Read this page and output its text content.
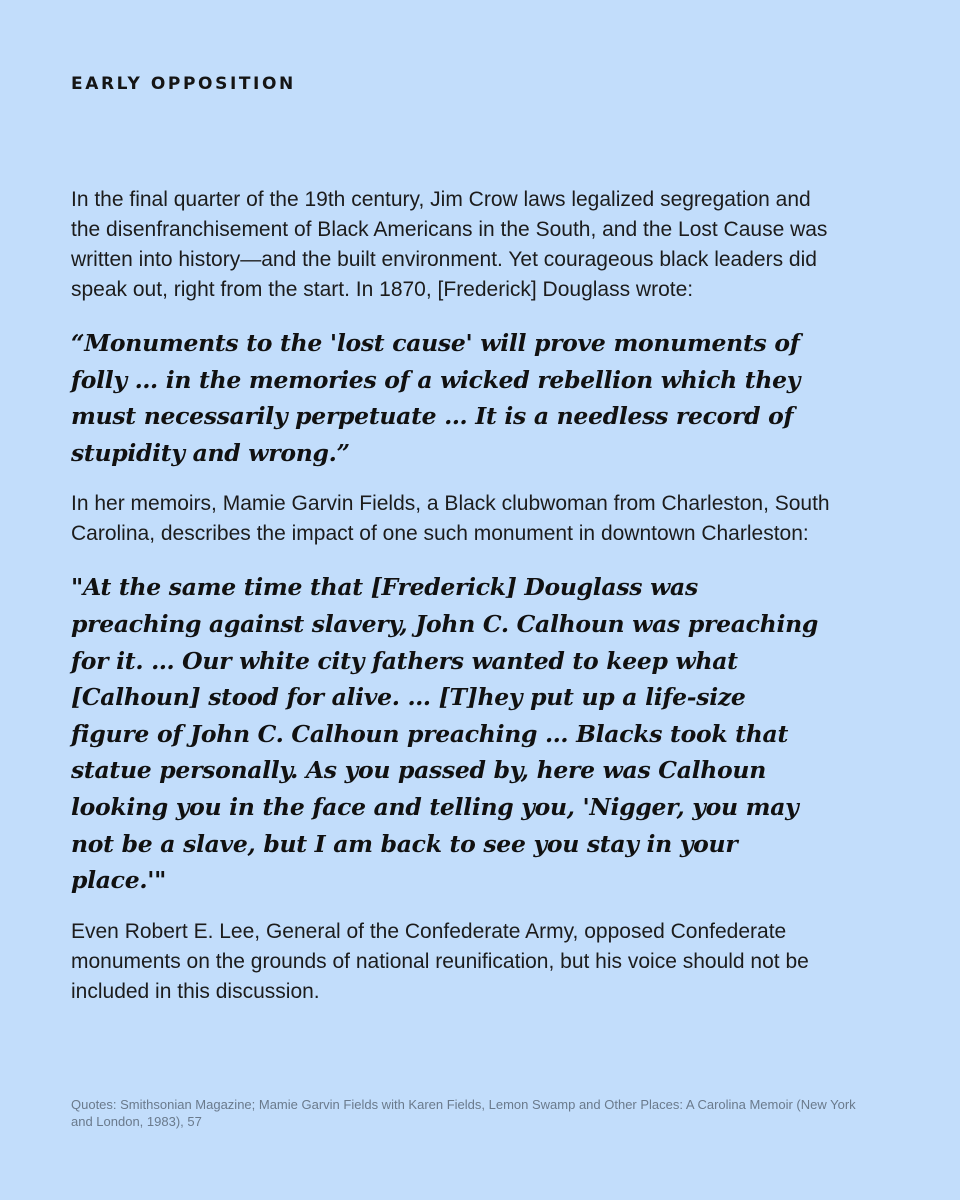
EARLY OPPOSITION

In the final quarter of the 19th century, Jim Crow laws legalized segregation and the disenfranchisement of Black Americans in the South, and the Lost Cause was written into history—and the built environment. Yet courageous black leaders did speak out, right from the start. In 1870, [Frederick] Douglass wrote:

“Monuments to the 'lost cause' will prove monuments of folly … in the memories of a wicked rebellion which they must necessarily perpetuate … It is a needless record of stupidity and wrong.”

In her memoirs, Mamie Garvin Fields, a Black clubwoman from Charleston, South Carolina, describes the impact of one such monument in downtown Charleston:

"At the same time that [Frederick] Douglass was preaching against slavery, John C. Calhoun was preaching for it. … Our white city fathers wanted to keep what [Calhoun] stood for alive. … [T]hey put up a life-size figure of John C. Calhoun preaching … Blacks took that statue personally. As you passed by, here was Calhoun looking you in the face and telling you, 'Nigger, you may not be a slave, but I am back to see you stay in your place.'"

Even Robert E. Lee, General of the Confederate Army, opposed Confederate monuments on the grounds of national reunification, but his voice should not be included in this discussion.

Quotes: Smithsonian Magazine; Mamie Garvin Fields with Karen Fields, Lemon Swamp and Other Places: A Carolina Memoir (New York and London, 1983), 57
